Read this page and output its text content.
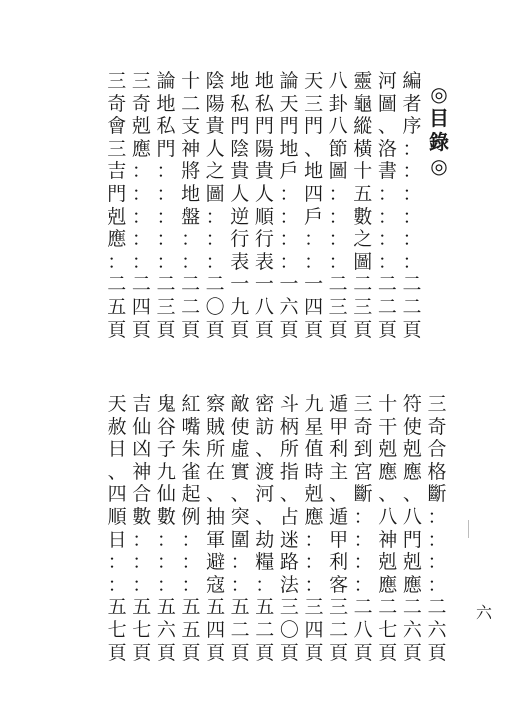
◎
目
錄
◎
編
者
序
：
：
：
：
：
：
二
二
頁
河
圖
、
洛
書
：
：
：
：
二
二
頁
靈
龜
縱
橫
十
五
數
之
圖
二
三
頁
八
卦
八
節
圖
：
：
：
：
二
三
頁
天
三
門
、
地
四
戶
：
：
一
四
頁
論
天
門
地
戶
：
：
：
：
一
六
頁
地
私
門
陽
貴
人
順
行
表
一
八
頁
地
私
門
陰
貴
人
逆
行
表
一
九
頁
陰
陽
貴
人
之
圖
：
：
：
二
〇
頁
十
二
支
神
將
地
盤
：
：
二
二
頁
論
地
私
門
：
：
：
：
：
二
三
頁
三
奇
剋
應
：
：
：
：
：
二
四
頁
三
奇
會
三
吉
門
剋
應
：
二
五
頁
三
奇
合
格
斷
：
：
：
：
二
六
頁
符
使
剋
應
、
八
門
剋
應
二
六
頁
十
干
剋
應
、
八
神
剋
應
二
七
頁
三
奇
到
宮
斷
：
：
：
：
二
八
頁
遁
甲
利
主
、
遁
甲
利
客
三
二
頁
九
星
值
時
剋
應
：
：
：
三
四
頁
斗
柄
所
指
、
占
迷
路
法
三
〇
頁
密
訪
、
渡
河
、
劫
糧
：
五
二
頁
敵
使
虛
實
、
突
圍
：
：
五
二
頁
察
賊
所
在
、
抽
軍
避
寇
五
四
頁
紅
嘴
朱
雀
起
例
：
：
：
五
五
頁
鬼
谷
子
九
仙
數
：
：
：
五
六
頁
吉
仙
凶
神
合
數
：
：
：
五
七
頁
天
赦
日
、
四
順
日
：
：
五
七
頁
六
